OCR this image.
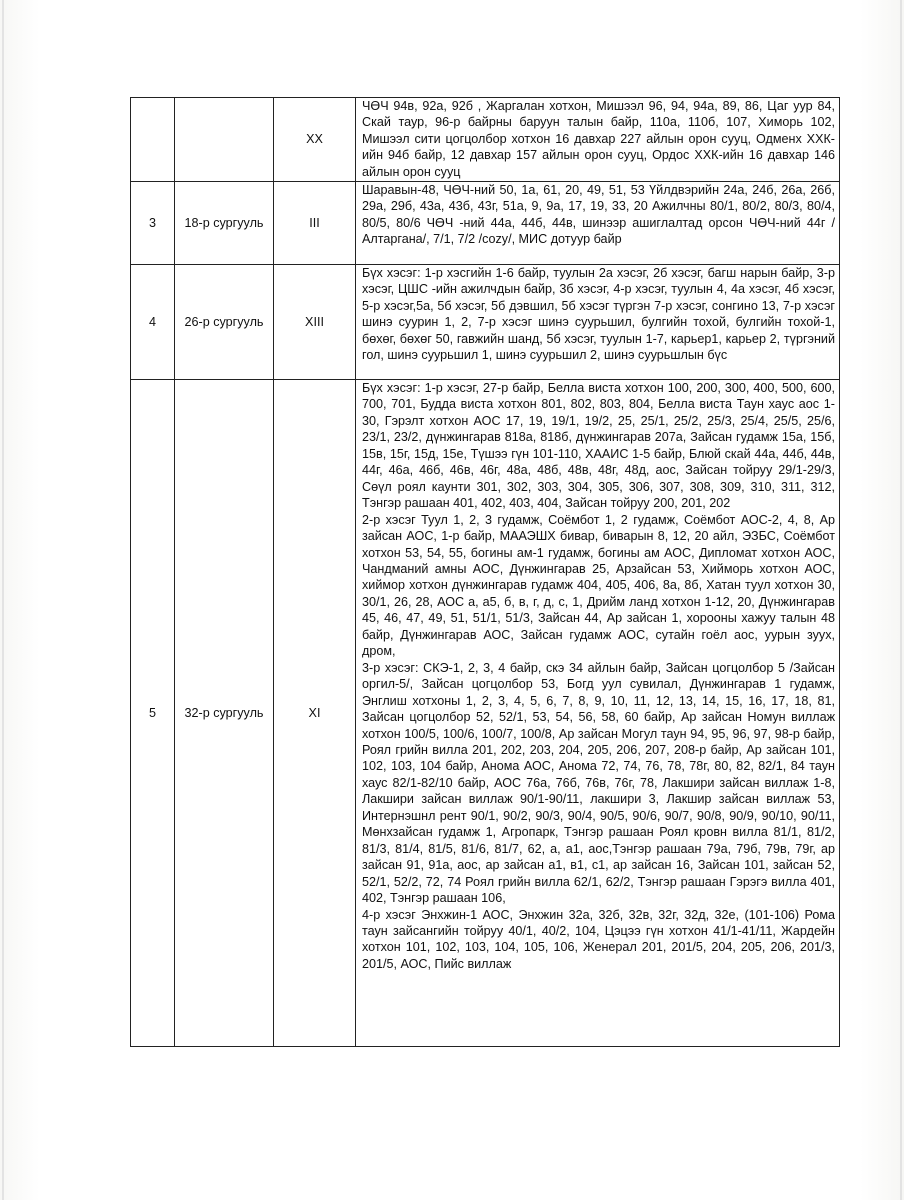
		XX	ЧӨЧ 94в, 92а, 92б , Жаргалан хотхон, Мишээл 96, 94, 94а, 89, 86, Цаг уур 84, Скай таур, 96-р байрны баруун талын байр, 110а, 110б, 107, Химорь 102, Мишээл сити цогцолбор хотхон 16 давхар 227 айлын орон сууц, Одменх ХХК-ийн 94б байр, 12 давхар 157 айлын орон сууц, Ордос ХХК-ийн 16 давхар 146 айлын орон сууц

3	18-р сургууль	III	Шаравын-48, ЧӨЧ-ний 50, 1а, 61, 20, 49, 51, 53 Үйлдвэрийн 24а, 24б, 26а, 26б, 29а, 29б, 43а, 43б, 43г, 51а, 9, 9а, 17, 19, 33, 20 Ажилчны 80/1, 80/2, 80/3, 80/4, 80/5, 80/6 ЧӨЧ -ний 44а, 44б, 44в, шинээр ашиглалтад орсон ЧӨЧ-ний 44г /Алтаргана/, 7/1, 7/2 /cozy/, МИС дотуур байр

4	26-р сургууль	XIII	Бүх хэсэг: 1-р хэсгийн 1-6 байр, туулын 2а хэсэг, 2б хэсэг, багш нарын байр, 3-р хэсэг, ЦШС -ийн ажилчдын байр, 3б хэсэг, 4-р хэсэг, туулын 4, 4а хэсэг, 4б хэсэг, 5-р хэсэг,5а, 5б хэсэг, 5б дэвшил, 5б хэсэг түргэн 7-р хэсэг, сонгино 13, 7-р хэсэг шинэ суурин 1, 2, 7-р хэсэг шинэ суурьшил, булгийн тохой, булгийн тохой-1, бөхөг, бөхөг 50, гавжийн шанд, 5б хэсэг, туулын 1-7, карьер1, карьер 2, түргэний гол, шинэ суурьшил 1, шинэ суурьшил 2, шинэ суурьшлын бүс

5	32-р сургууль	XI	Бүх хэсэг: 1-р хэсэг, 27-р байр, Белла виста хотхон 100, 200, 300, 400, 500, 600, 700, 701, Будда виста хотхон 801, 802, 803, 804, Белла виста Таун хаус аос 1-30, Гэрэлт хотхон АОС 17, 19, 19/1, 19/2, 25, 25/1, 25/2, 25/3, 25/4, 25/5, 25/6, 23/1, 23/2, дүнжингарав 818а, 818б, дүнжингарав 207а, Зайсан гудамж 15а, 15б, 15в, 15г, 15д, 15е, Түшээ гүн 101-110, ХААИС 1-5 байр, Блюй скай 44а, 44б, 44в, 44г, 46а, 46б, 46в, 46г, 48а, 48б, 48в, 48г, 48д, аос, Зайсан тойруу 29/1-29/3, Сөүл роял каунти 301, 302, 303, 304, 305, 306, 307, 308, 309, 310, 311, 312, Тэнгэр рашаан 401, 402, 403, 404, Зайсан тойруу 200, 201, 202

2-р хэсэг Туул 1, 2, 3 гудамж, Соёмбот 1, 2 гудамж, Соёмбот АОС-2, 4, 8, Ар зайсан АОС, 1-р байр, МААЭШХ бивар, биварын 8, 12, 20 айл, ЭЗБС, Соёмбот хотхон 53, 54, 55, богины ам-1 гудамж, богины ам АОС, Дипломат хотхон АОС, Чандманий амны АОС, Дүнжингарав 25, Арзайсан 53, Хийморь хотхон АОС, хиймор хотхон дүнжингарав гудамж 404, 405, 406, 8а, 8б, Хатан туул хотхон 30, 30/1, 26, 28, АОС а, а5, б, в, г, д, с, 1, Дрийм ланд хотхон 1-12, 20, Дүнжингарав 45, 46, 47, 49, 51, 51/1, 51/3, Зайсан 44, Ар зайсан 1, хорооны хажуу талын 48 байр, Дүнжингарав АОС, Зайсан гудамж АОС, сутайн гоёл аос, уурын зуух, дром,

3-р хэсэг: СКЭ-1, 2, 3, 4 байр, скэ 34 айлын байр, Зайсан цогцолбор 5 /Зайсан оргил-5/, Зайсан цогцолбор 53, Богд уул сувилал, Дүнжингарав 1 гудамж, Энглиш хотхоны 1, 2, 3, 4, 5, 6, 7, 8, 9, 10, 11, 12, 13, 14, 15, 16, 17, 18, 81, Зайсан цогцолбор 52, 52/1, 53, 54, 56, 58, 60 байр, Ар зайсан Номун виллаж хотхон 100/5, 100/6, 100/7, 100/8, Ар зайсан Могул таун 94, 95, 96, 97, 98-р байр, Роял грийн вилла 201, 202, 203, 204, 205, 206, 207, 208-р байр, Ар зайсан 101, 102, 103, 104 байр, Анома АОС, Анома 72, 74, 76, 78, 78г, 80, 82, 82/1, 84 таун хаус 82/1-82/10 байр, АОС 76а, 76б, 76в, 76г, 78, Лакшири зайсан виллаж 1-8, Лакшири зайсан виллаж 90/1-90/11, лакшири 3, Лакшир зайсан виллаж 53, Интернэшнл рент 90/1, 90/2, 90/3, 90/4, 90/5, 90/6, 90/7, 90/8, 90/9, 90/10, 90/11, Мөнхзайсан гудамж 1, Агропарк, Тэнгэр рашаан Роял кровн вилла 81/1, 81/2, 81/3, 81/4, 81/5, 81/6, 81/7, 62, а, а1, аос,Тэнгэр рашаан 79а, 79б, 79в, 79г, ар зайсан 91, 91а, аос, ар зайсан а1, в1, с1, ар зайсан 16, Зайсан 101, зайсан 52, 52/1, 52/2, 72, 74 Роял грийн вилла 62/1, 62/2, Тэнгэр рашаан Гэрэгэ вилла 401, 402, Тэнгэр рашаан 106,

4-р хэсэг Энхжин-1 АОС, Энхжин 32а, 32б, 32в, 32г, 32д, 32е, (101-106) Рома таун зайсангийн тойруу 40/1, 40/2, 104, Цэцээ гүн хотхон 41/1-41/11, Жардейн хотхон 101, 102, 103, 104, 105, 106, Женерал 201, 201/5, 204, 205, 206, 201/3, 201/5, АОС, Пийс виллаж
